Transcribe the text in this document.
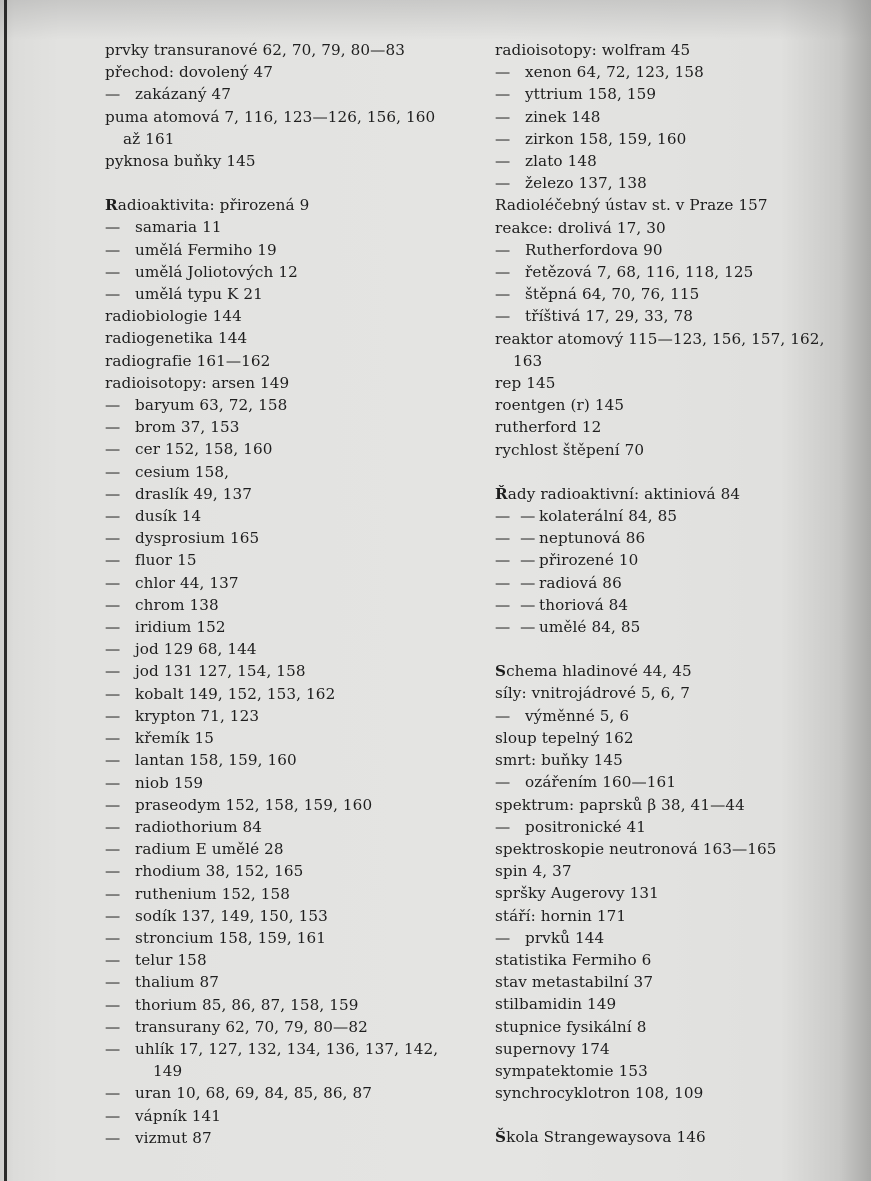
prvky transuranové 62, 70, 79, 80—83
přechod: dovolený 47
— zakázaný 47
puma atomová 7, 116, 123—126, 156, 160
až 161
pyknosa buňky 145
Radioaktivita: přirozená 9
— samaria 11
— umělá Fermiho 19
— umělá Joliotových 12
— umělá typu K 21
radiobiologie 144
radiogenetika 144
radiografie 161—162
radioisotopy: arsen 149
— baryum 63, 72, 158
— brom 37, 153
— cer 152, 158, 160
— cesium 158,
— draslík 49, 137
— dusík 14
— dysprosium 165
— fluor 15
— chlor 44, 137
— chrom 138
— iridium 152
— jod 129 68, 144
— jod 131 127, 154, 158
— kobalt 149, 152, 153, 162
— krypton 71, 123
— křemík 15
— lantan 158, 159, 160
— niob 159
— praseodym 152, 158, 159, 160
— radiothorium 84
— radium E umělé 28
— rhodium 38, 152, 165
— ruthenium 152, 158
— sodík 137, 149, 150, 153
— stroncium 158, 159, 161
— telur 158
— thalium 87
— thorium 85, 86, 87, 158, 159
— transurany 62, 70, 79, 80—82
— uhlík 17, 127, 132, 134, 136, 137, 142,
149
— uran 10, 68, 69, 84, 85, 86, 87
— vápník 141
— vizmut 87
radioisotopy: wolfram 45
— xenon 64, 72, 123, 158
— yttrium 158, 159
— zinek 148
— zirkon 158, 159, 160
— zlato 148
— železo 137, 138
Radioléčebný ústav st. v Praze 157
reakce: drolivá 17, 30
— Rutherfordova 90
— řetězová 7, 68, 116, 118, 125
— štěpná 64, 70, 76, 115
— tříštivá 17, 29, 33, 78
reaktor atomový 115—123, 156, 157, 162,
163
rep 145
roentgen (r) 145
rutherford 12
rychlost štěpení 70
Řady radioaktivní: aktiniová 84
—  — kolaterální 84, 85
—  — neptunová 86
—  — přirozené 10
—  — radiová 86
—  — thoriová 84
—  — umělé 84, 85
Schema hladinové 44, 45
síly: vnitrojádrové 5, 6, 7
— výměnné 5, 6
sloup tepelný 162
smrt: buňky 145
— ozářením 160—161
spektrum: paprsků β 38, 41—44
— positronické 41
spektroskopie neutronová 163—165
spin 4, 37
spršky Augerovy 131
stáří: hornin 171
— prvků 144
statistika Fermiho 6
stav metastabilní 37
stilbamidin 149
stupnice fysikální 8
supernovy 174
sympatektomie 153
synchrocyklotron 108, 109
Škola Strangewaysova 146
